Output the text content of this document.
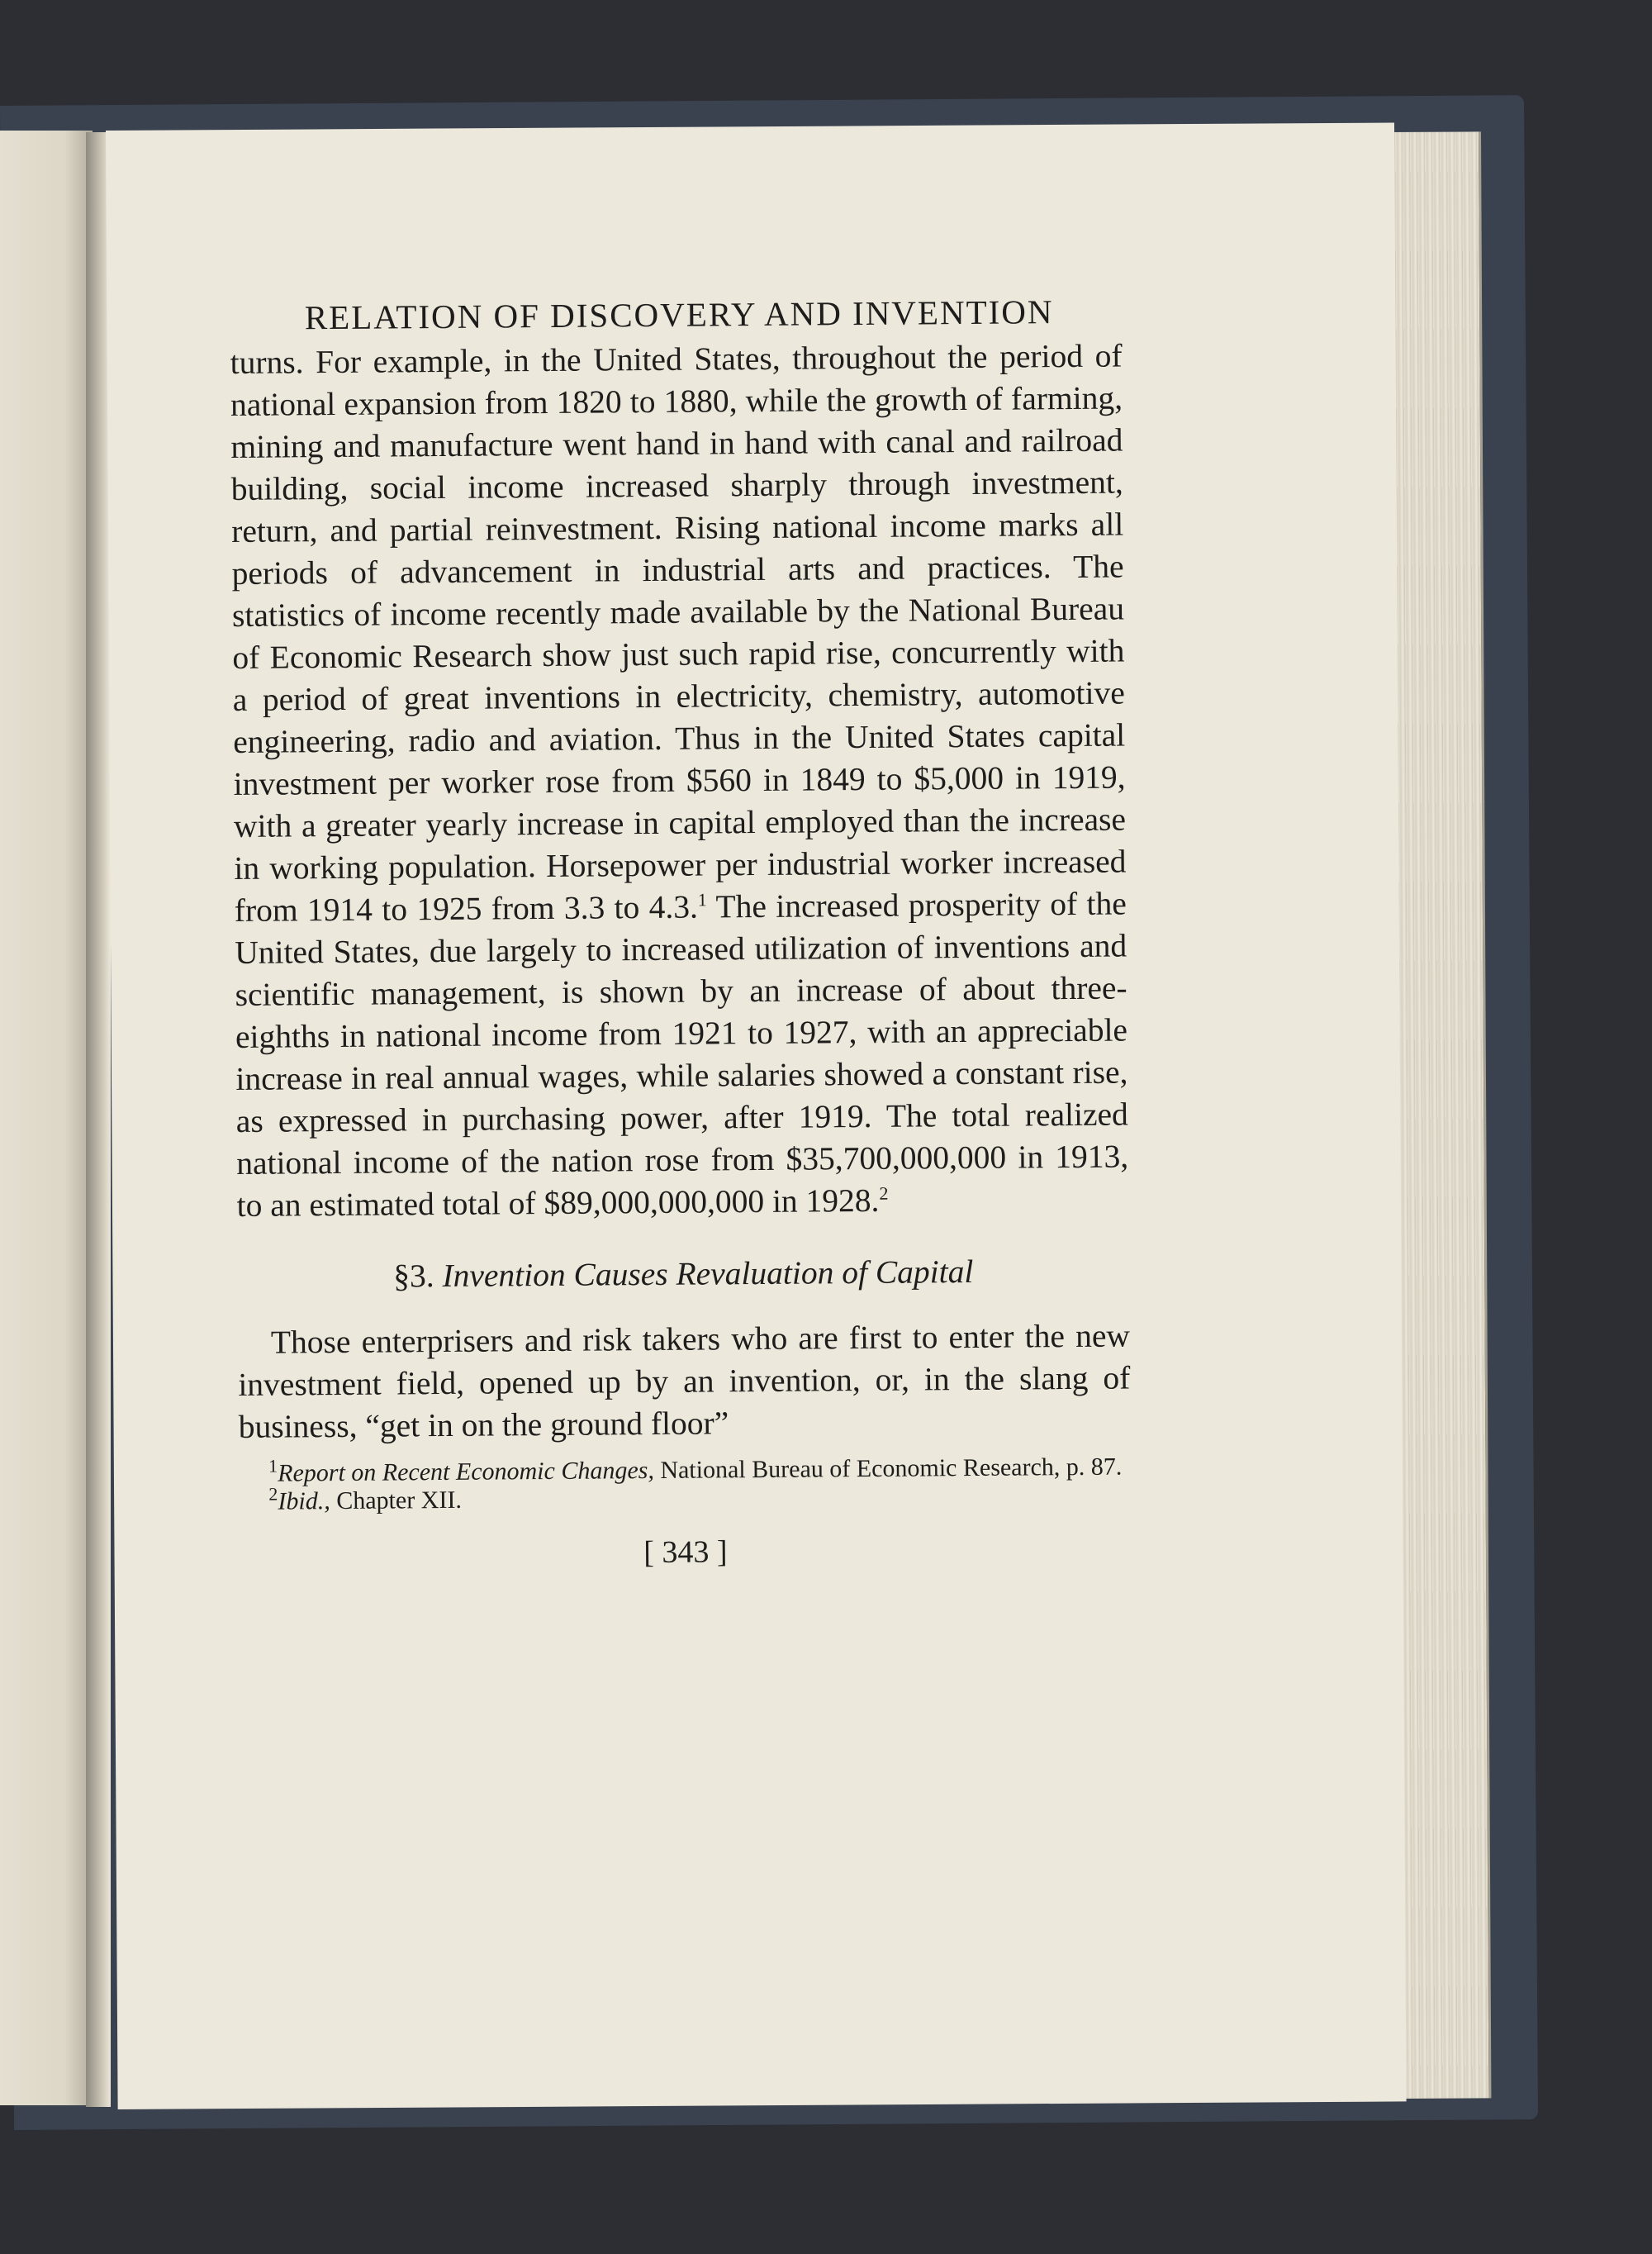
RELATION OF DISCOVERY AND INVENTION

turns. For example, in the United States, throughout the period of national expansion from 1820 to 1880, while the growth of farming, mining and manufacture went hand in hand with canal and railroad building, social income increased sharply through investment, return, and partial reinvestment. Rising national income marks all periods of advancement in industrial arts and practices. The statistics of income recently made available by the National Bureau of Economic Research show just such rapid rise, concurrently with a period of great inventions in electricity, chemistry, automotive engineering, radio and aviation. Thus in the United States capital investment per worker rose from $560 in 1849 to $5,000 in 1919, with a greater yearly increase in capital employed than the increase in working population. Horsepower per industrial worker increased from 1914 to 1925 from 3.3 to 4.3.$^1$ The increased prosperity of the United States, due largely to increased utilization of inventions and scientific management, is shown by an increase of about three-eighths in national income from 1921 to 1927, with an appreciable increase in real annual wages, while salaries showed a constant rise, as expressed in purchasing power, after 1919. The total realized national income of the nation rose from $35,700,000,000 in 1913, to an estimated total of $89,000,000,000 in 1928.$^2$

§3. Invention Causes Revaluation of Capital

Those enterprisers and risk takers who are first to enter the new investment field, opened up by an invention, or, in the slang of business, “get in on the ground floor”

$^1$Report on Recent Economic Changes, National Bureau of Economic Research, p. 87.

$^2$Ibid., Chapter XII.

[ 343 ]
